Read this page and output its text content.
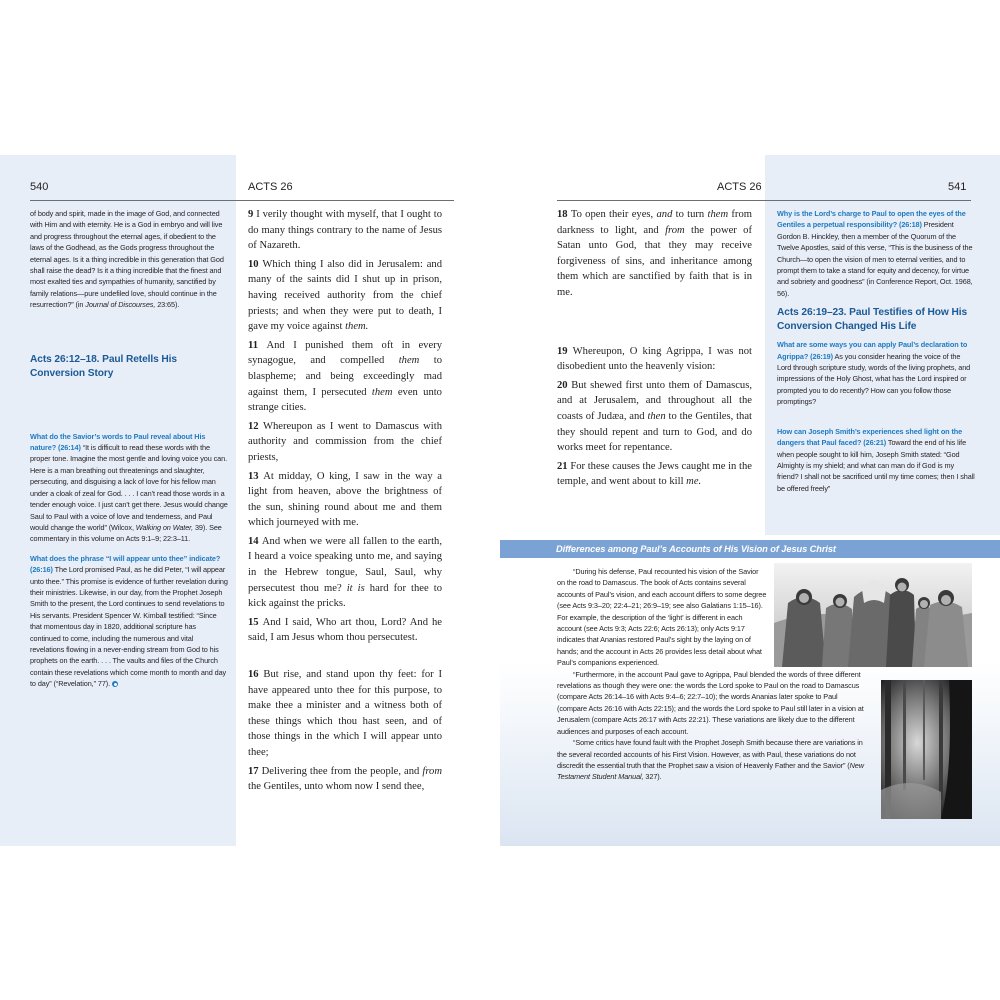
540	ACTS 26

of body and spirit, made in the image of God, and connected with Him and with eternity. He is a God in embryo and will live and progress throughout the eternal ages, if obedient to the laws of the Godhead, as the Gods progress throughout the eternal ages. Is it a thing incredible in this generation that God shall raise the dead? Is it a thing incredible that the finest and most exalted ties and sympathies of humanity, sanctified by family relations—pure undefiled love, should continue in the resurrection?” (in Journal of Discourses, 23:65).

Acts 26:12–18. Paul Retells His Conversion Story

What do the Savior’s words to Paul reveal about His nature? (26:14) “It is difficult to read these words with the proper tone. Imagine the most gentle and loving voice you can. Here is a man breathing out threatenings and slaughter, persecuting, and disguising a lack of love for his fellow man under a cloak of zeal for God. . . . I can’t read those words in a tender enough voice. I just can’t get there. Jesus would change Saul to Paul with a voice of love and tenderness, and Paul would change the world” (Wilcox, Walking on Water, 39). See commentary in this volume on Acts 9:1–9; 22:3–11.

What does the phrase “I will appear unto thee” indicate? (26:16) The Lord promised Paul, as he did Peter, “I will appear unto thee.” This promise is evidence of further revelation during their ministries. Likewise, in our day, from the Prophet Joseph Smith to the present, the Lord continues to send revelations to His servants. President Spencer W. Kimball testified: “Since that momentous day in 1820, additional scripture has continued to come, including the numerous and vital revelations flowing in a never-ending stream from God to his prophets on the earth. . . . The vaults and files of the Church contain these revelations which come month to month and day to day” (“Revelation,” 77).

9 I verily thought with myself, that I ought to do many things contrary to the name of Jesus of Nazareth.

10 Which thing I also did in Jerusalem: and many of the saints did I shut up in prison, having received authority from the chief priests; and when they were put to death, I gave my voice against them.

11 And I punished them oft in every synagogue, and compelled them to blaspheme; and being exceedingly mad against them, I persecuted them even unto strange cities.

12 Whereupon as I went to Damascus with authority and commission from the chief priests,

13 At midday, O king, I saw in the way a light from heaven, above the brightness of the sun, shining round about me and them which journeyed with me.

14 And when we were all fallen to the earth, I heard a voice speaking unto me, and saying in the Hebrew tongue, Saul, Saul, why persecutest thou me? it is hard for thee to kick against the pricks.

15 And I said, Who art thou, Lord? And he said, I am Jesus whom thou persecutest.

16 But rise, and stand upon thy feet: for I have appeared unto thee for this purpose, to make thee a minister and a witness both of these things which thou hast seen, and of those things in the which I will appear unto thee;

17 Delivering thee from the people, and from the Gentiles, unto whom now I send thee,

ACTS 26	541

18 To open their eyes, and to turn them from darkness to light, and from the power of Satan unto God, that they may receive forgiveness of sins, and inheritance among them which are sanctified by faith that is in me.

19 Whereupon, O king Agrippa, I was not disobedient unto the heavenly vision:

20 But shewed first unto them of Damascus, and at Jerusalem, and throughout all the coasts of Judæa, and then to the Gentiles, that they should repent and turn to God, and do works meet for repentance.

21 For these causes the Jews caught me in the temple, and went about to kill me.

Why is the Lord’s charge to Paul to open the eyes of the Gentiles a perpetual responsibility? (26:18) President Gordon B. Hinckley, then a member of the Quorum of the Twelve Apostles, said of this verse, “This is the business of the Church—to open the vision of men to eternal verities, and to prompt them to take a stand for equity and decency, for virtue and sobriety and goodness” (in Conference Report, Oct. 1968, 56).

Acts 26:19–23. Paul Testifies of How His Conversion Changed His Life

What are some ways you can apply Paul’s declaration to Agrippa? (26:19) As you consider hearing the voice of the Lord through scripture study, words of the living prophets, and impressions of the Holy Ghost, what has the Lord inspired or prompted you to do recently? How can you follow those promptings?

How can Joseph Smith’s experiences shed light on the dangers that Paul faced? (26:21) Toward the end of his life when people sought to kill him, Joseph Smith stated: “God Almighty is my shield; and what can man do if God is my friend? I shall not be sacrificed until my time comes; then I shall be offered freely”

Differences among Paul’s Accounts of His Vision of Jesus Christ

“During his defense, Paul recounted his vision of the Savior on the road to Damascus. The book of Acts contains several accounts of Paul’s vision, and each account differs to some degree (see Acts 9:3–20; 22:4–21; 26:9–19; see also Galatians 1:15–16). For example, the description of the ‘light’ is different in each account (see Acts 9:3; Acts 22:6; Acts 26:13); only Acts 9:17 indicates that Ananias restored Paul’s sight by the laying on of hands; and the account in Acts 26 provides less detail about what Paul’s companions experienced.

“Furthermore, in the account Paul gave to Agrippa, Paul blended the words of three different revelations as though they were one: the words the Lord spoke to Paul on the road to Damascus (compare Acts 26:14–16 with Acts 9:4–6; 22:7–10); the words Ananias later spoke to Paul (compare Acts 26:16 with Acts 22:15); and the words the Lord spoke to Paul still later in a vision at Jerusalem (compare Acts 26:17 with Acts 22:21). These variations are likely due to the different audiences and purposes of each account.

“Some critics have found fault with the Prophet Joseph Smith because there are variations in the several recorded accounts of his First Vision. However, as with Paul, these variations do not discredit the essential truth that the Prophet saw a vision of Heavenly Father and the Savior” (New Testament Student Manual, 327).
